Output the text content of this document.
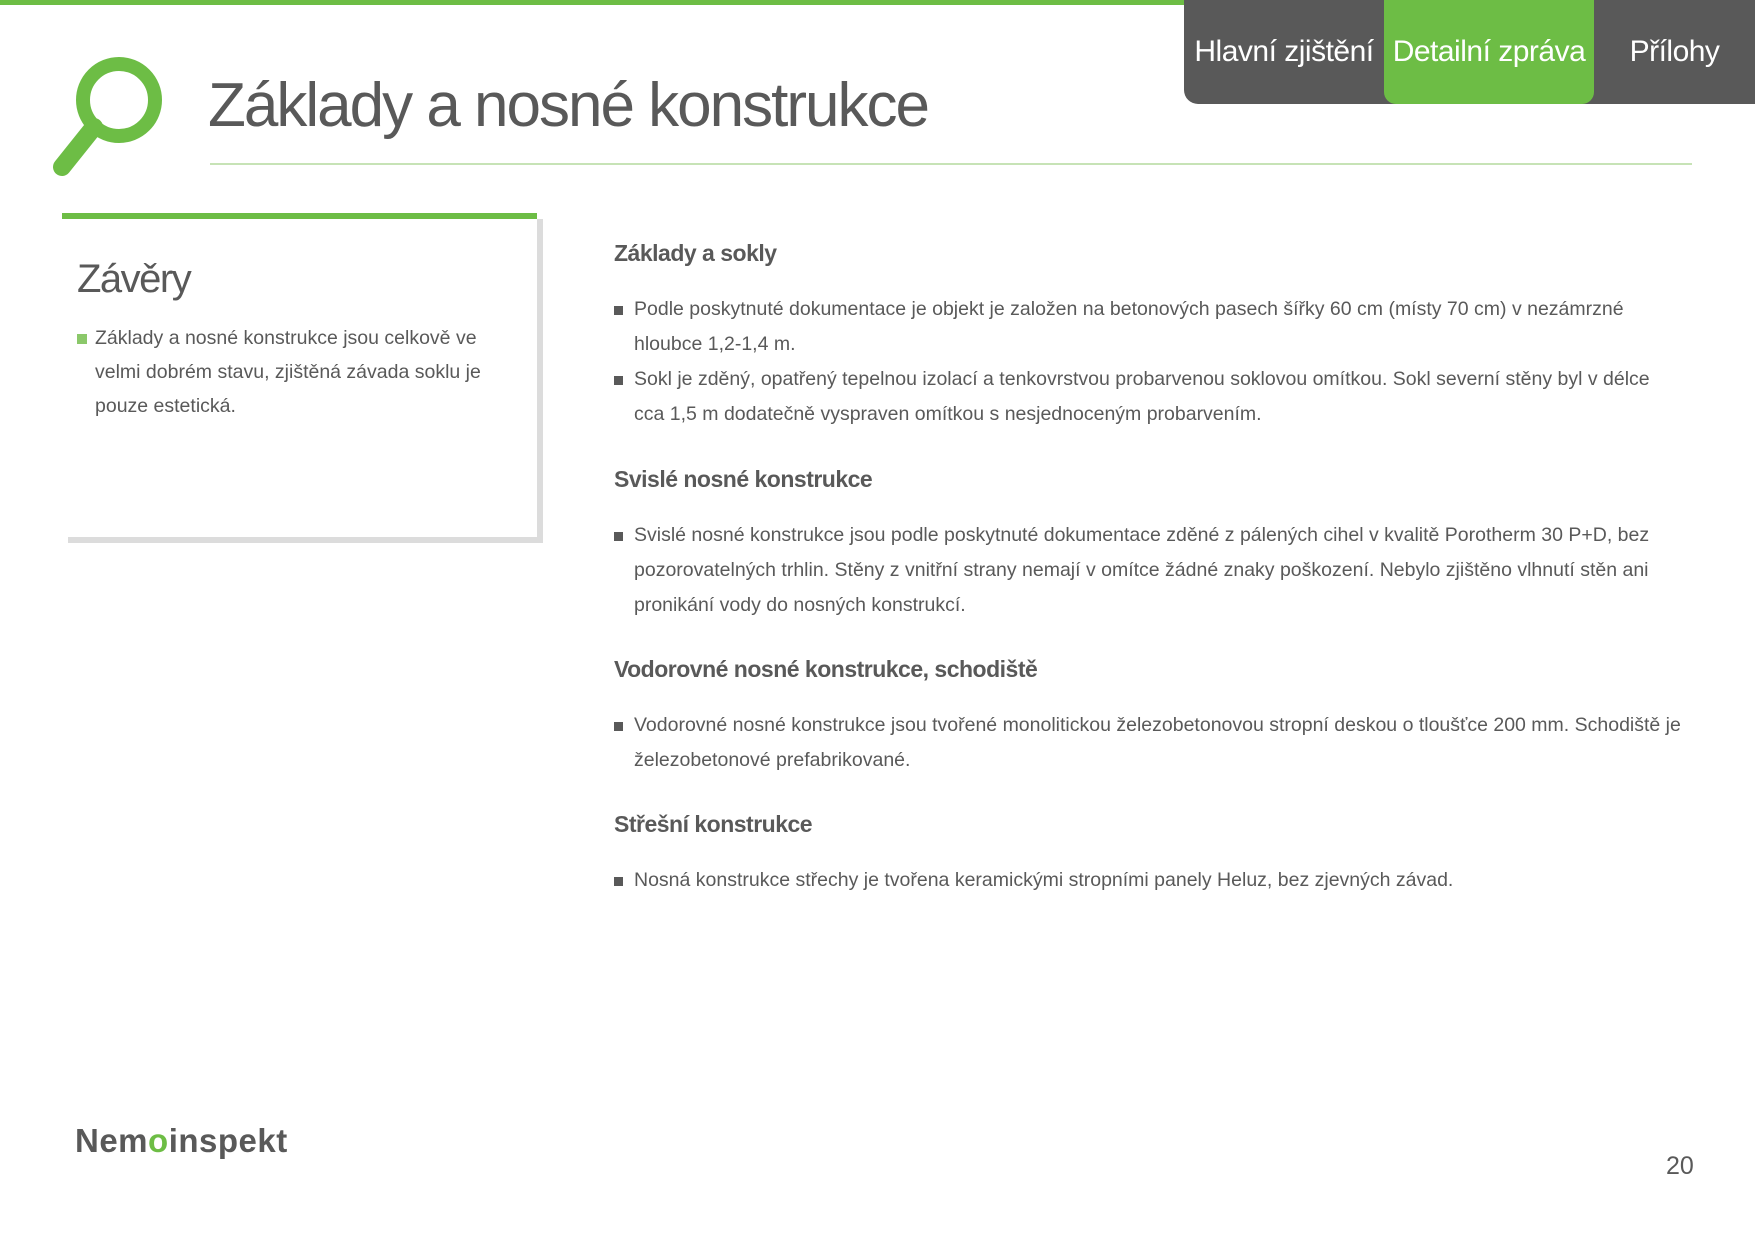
Hlavní zjištění Detailní zpráva	Přílohy
Základy a nosné konstrukce
Závěry
Základy a nosné konstrukce jsou celkově ve velmi dobrém stavu, zjištěná závada soklu je pouze estetická.
Základy a sokly
Podle poskytnuté dokumentace je objekt je založen na betonových pasech šířky 60 cm (místy 70 cm) v nezámrzné hloubce 1,2-1,4 m.
Sokl je zděný, opatřený tepelnou izolací a tenkovrstvou probarvenou soklovou omítkou. Sokl severní stěny byl v délce cca 1,5 m dodatečně vyspraven omítkou s nesjednoceným probarvením.
Svislé nosné konstrukce
Svislé nosné konstrukce jsou podle poskytnuté dokumentace zděné z pálených cihel v kvalitě Porotherm 30 P+D, bez pozorovatelných trhlin. Stěny z vnitřní strany nemají v omítce žádné znaky poškození. Nebylo zjištěno vlhnutí stěn ani pronikání vody do nosných konstrukcí.
Vodorovné nosné konstrukce, schodiště
Vodorovné nosné konstrukce jsou tvořené monolitickou železobetonovou stropní deskou o tloušťce 200 mm. Schodiště je železobetonové prefabrikované.
Střešní konstrukce
Nosná konstrukce střechy je tvořena keramickými stropními panely Heluz, bez zjevných závad.
Nemoinspekt
20
